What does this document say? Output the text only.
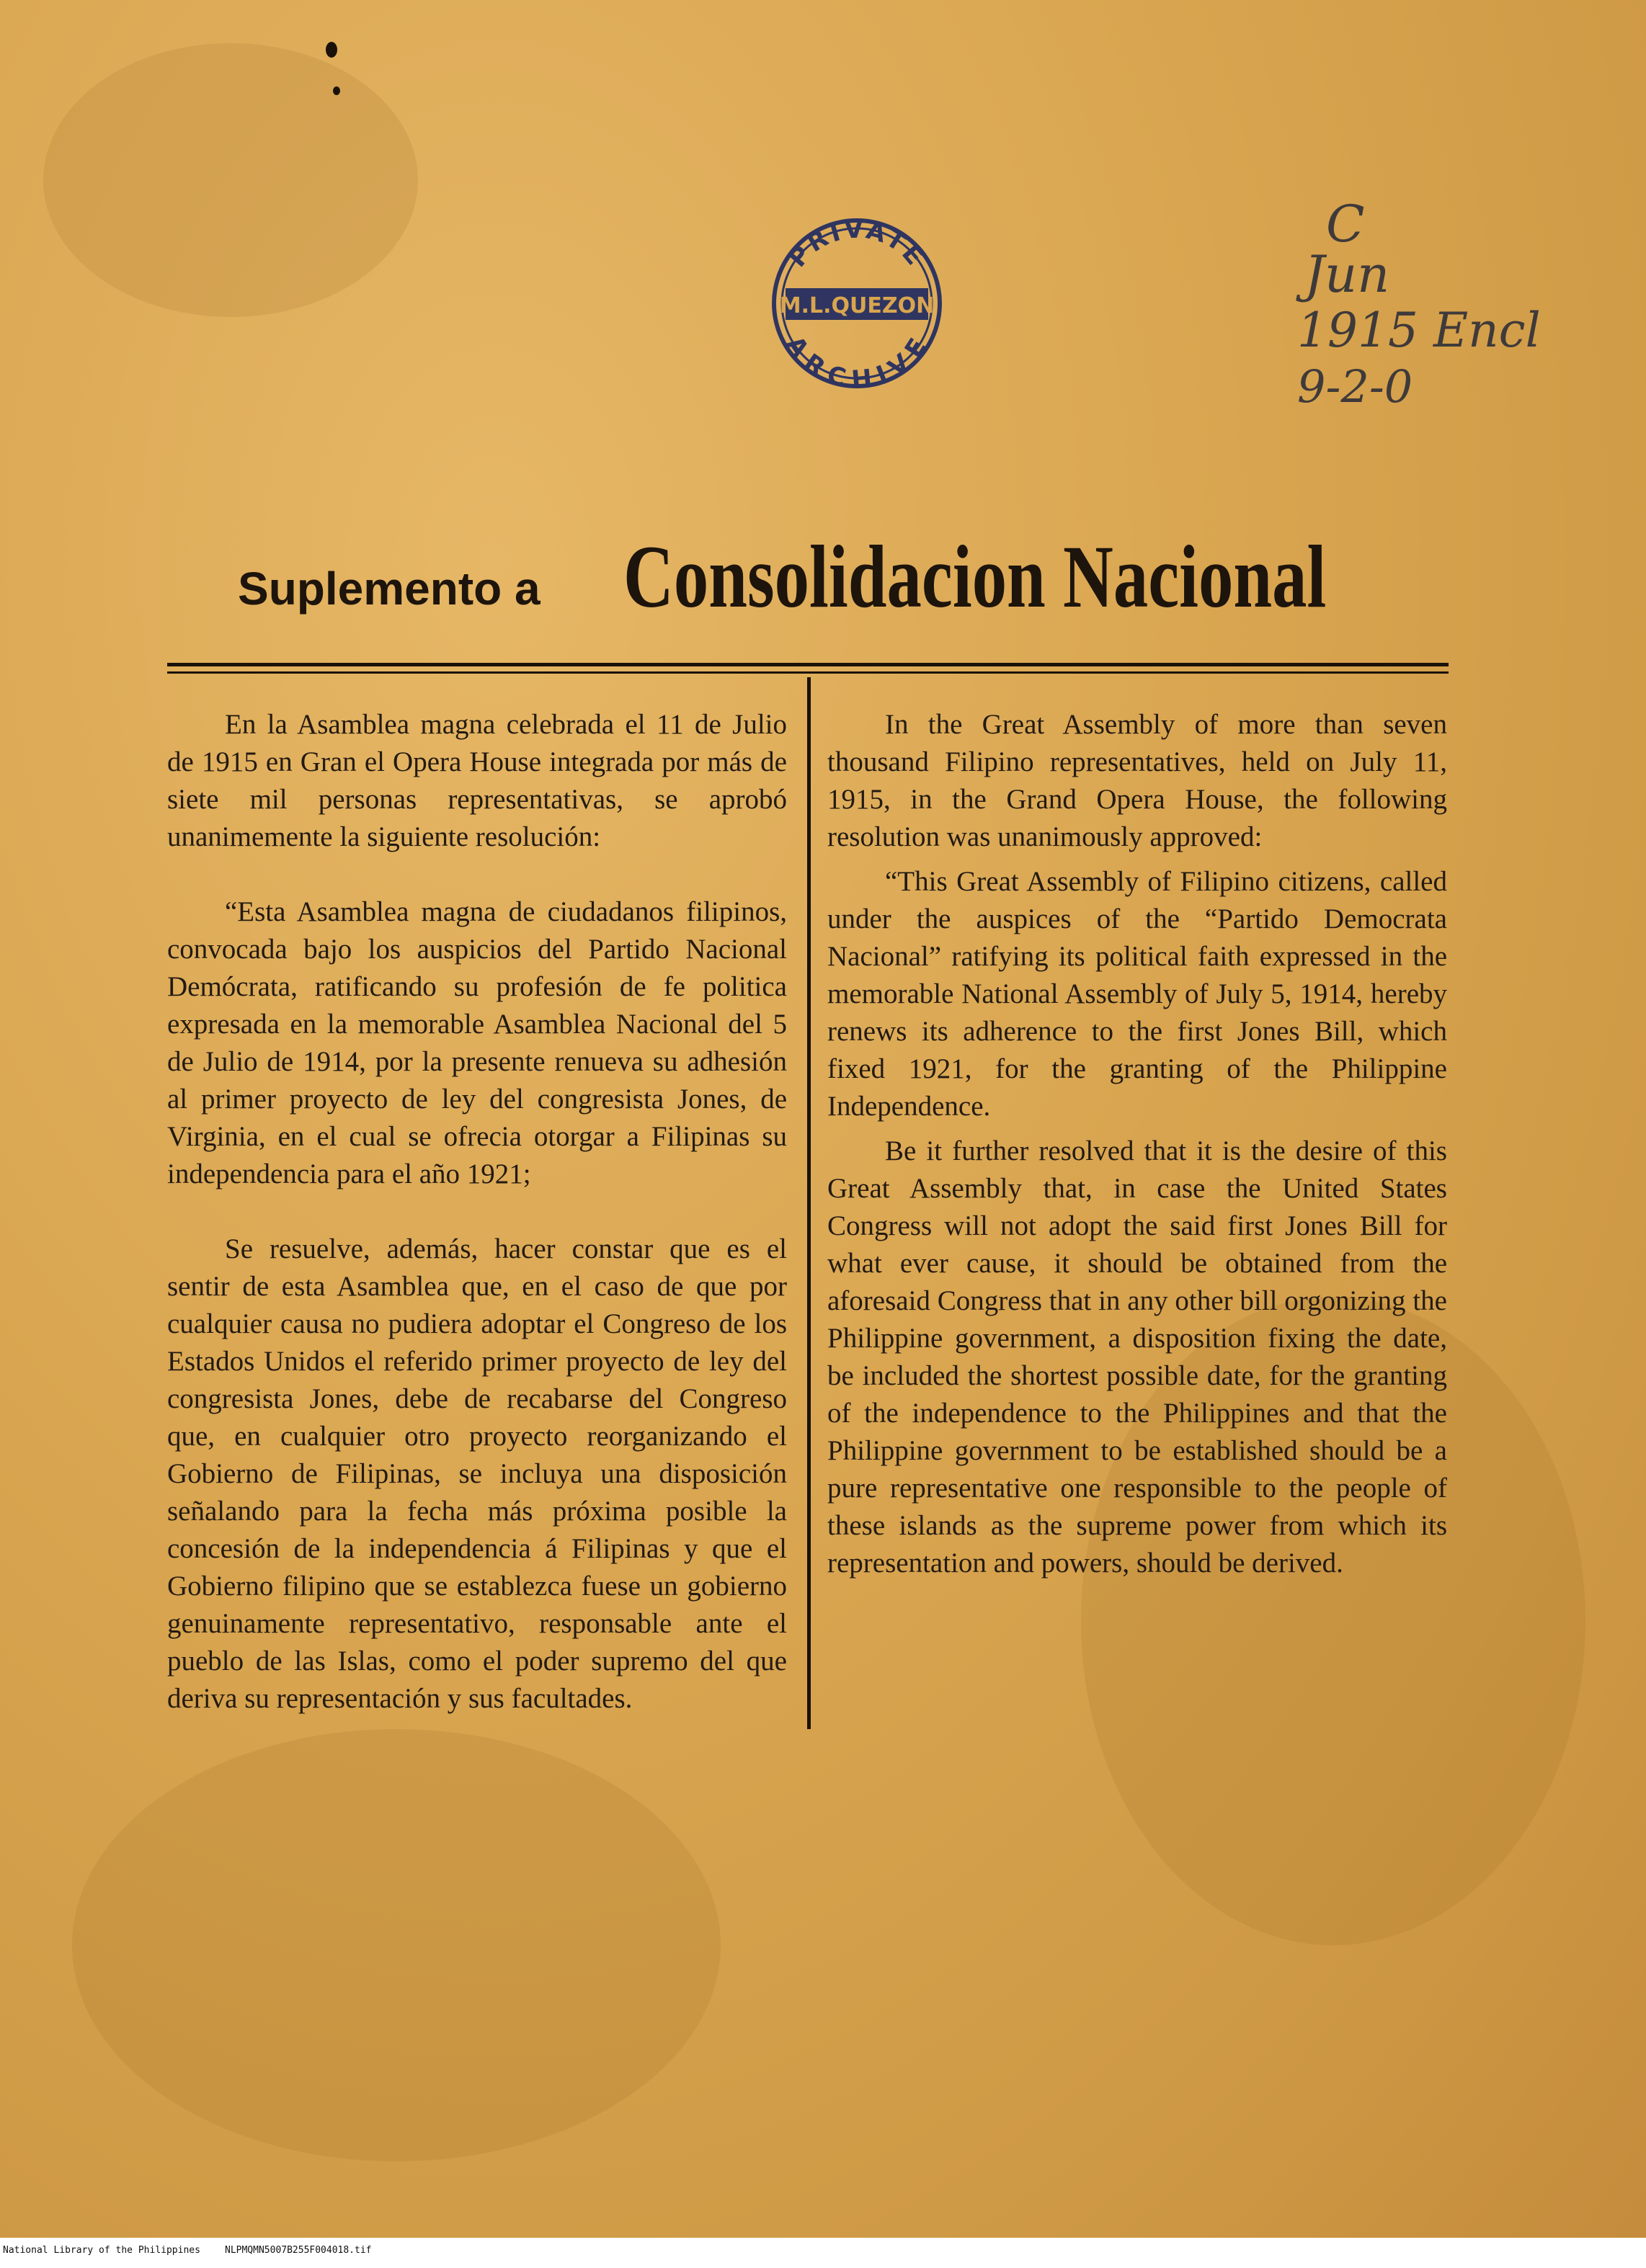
PRIVATE
M.L.QUEZON
ARCHIVE
C
Jun
1915 Encl
9-2-0
Suplemento a Consolidacion Nacional

En la Asamblea magna celebrada el 11 de Julio de 1915 en Gran el Opera House integrada por más de siete mil personas representativas, se aprobó unanimemente la siguiente resolución:

“Esta Asamblea magna de ciudadanos filipinos, convocada bajo los auspicios del Partido Nacional Demócrata, ratificando su profesión de fe politica expresada en la memorable Asamblea Nacional del 5 de Julio de 1914, por la presente renueva su adhesión al primer proyecto de ley del congresista Jones, de Virginia, en el cual se ofrecia otorgar a Filipinas su independencia para el año 1921;

Se resuelve, además, hacer constar que es el sentir de esta Asamblea que, en el caso de que por cualquier causa no pudiera adoptar el Congreso de los Estados Unidos el referido primer proyecto de ley del congresista Jones, debe de recabarse del Congreso que, en cualquier otro proyecto reorganizando el Gobierno de Filipinas, se incluya una disposición señalando para la fecha más próxima posible la concesión de la independencia á Filipinas y que el Gobierno filipino que se establezca fuese un gobierno genuinamente representativo, responsable ante el pueblo de las Islas, como el poder supremo del que deriva su representación y sus facultades.

In the Great Assembly of more than seven thousand Filipino representatives, held on July 11, 1915, in the Grand Opera House, the following resolution was unanimously approved:

“This Great Assembly of Filipino citizens, called under the auspices of the “Partido Democrata Nacional” ratifying its political faith expressed in the memorable National Assembly of July 5, 1914, hereby renews its adherence to the first Jones Bill, which fixed 1921, for the granting of the Philippine Independence.

Be it further resolved that it is the desire of this Great Assembly that, in case the United States Congress will not adopt the said first Jones Bill for what ever cause, it should be obtained from the aforesaid Congress that in any other bill orgonizing the Philippine government, a disposition fixing the date, be included the shortest possible date, for the granting of the independence to the Philippines and that the Philippine government to be established should be a pure representative one responsible to the people of these islands as the supreme power from which its representation and powers, should be derived.

National Library of the Philippines	NLPMQMN5007B255F004018.tif
